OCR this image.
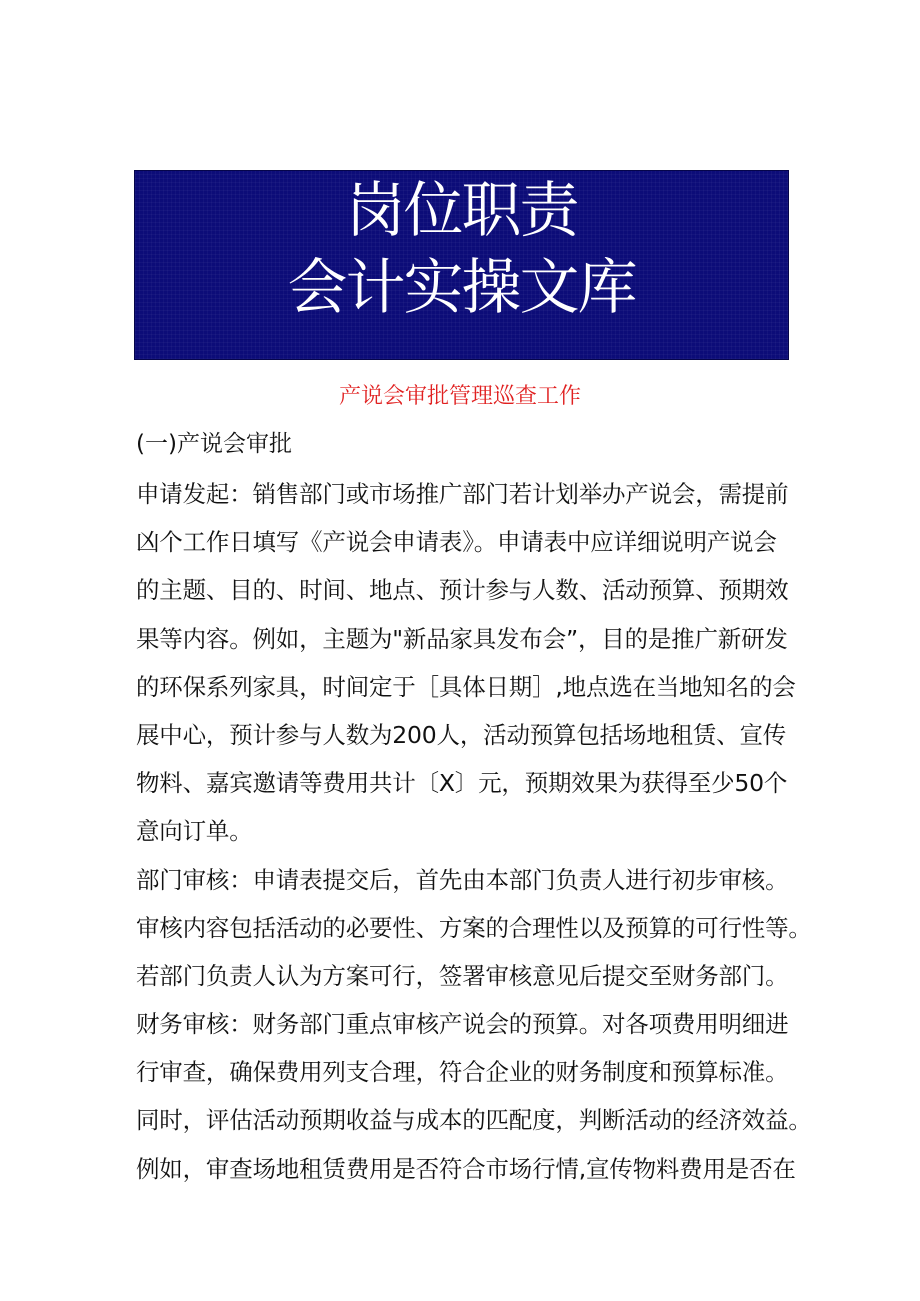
岗位职责
会计实操文库
产说会审批管理巡查工作
(一)产说会审批
申请发起：销售部门或市场推广部门若计划举办产说会，需提前
凶个工作日填写《产说会申请表》。申请表中应详细说明产说会
的主题、目的、时间、地点、预计参与人数、活动预算、预期效
果等内容。例如，主题为"新品家具发布会”，目的是推广新研发
的环保系列家具，时间定于［具体日期］,地点选在当地知名的会
展中心，预计参与人数为200人，活动预算包括场地租赁、宣传
物料、嘉宾邀请等费用共计〔X〕元，预期效果为获得至少50个
意向订单。
部门审核：申请表提交后，首先由本部门负责人进行初步审核。
审核内容包括活动的必要性、方案的合理性以及预算的可行性等。
若部门负责人认为方案可行，签署审核意见后提交至财务部门。
财务审核：财务部门重点审核产说会的预算。对各项费用明细进
行审查，确保费用列支合理，符合企业的财务制度和预算标准。
同时，评估活动预期收益与成本的匹配度，判断活动的经济效益。
例如，审查场地租赁费用是否符合市场行情,宣传物料费用是否在
